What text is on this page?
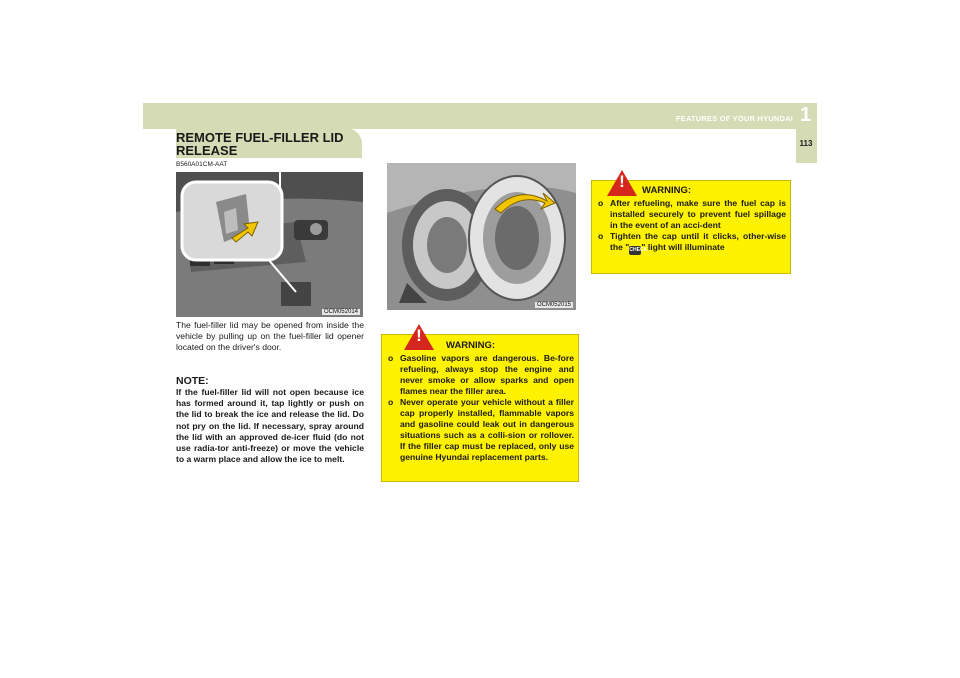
FEATURES OF YOUR HYUNDAI 1
113
REMOTE FUEL-FILLER LID
RELEASE
B560A01CM-AAT
OCM052014
OCM052015
The fuel-filler lid may be opened from inside the vehicle by pulling up on the fuel-filler lid opener located on the driver's door.
NOTE:
If the fuel-filler lid will not open because ice has formed around it, tap lightly or push on the lid to break the ice and release the lid. Do not pry on the lid. If necessary, spray around the lid with an approved de-icer fluid (do not use radia-tor anti-freeze) or move the vehicle to a warm place and allow the ice to melt.
!
WARNING:
o Gasoline vapors are dangerous. Be-fore refueling, always stop the engine and never smoke or allow sparks and open flames near the filler area.
o Never operate your vehicle without a filler cap properly installed, flammable vapors and gasoline could leak out in dangerous situations such as a colli-sion or rollover. If the filler cap must be replaced, only use genuine Hyundai replacement parts.
!	WARNING:
o After refueling, make sure the fuel cap is installed securely to prevent fuel spillage in the event of an acci-dent
o Tighten the cap until it clicks, other-wise the "CHECK" light will illuminate
